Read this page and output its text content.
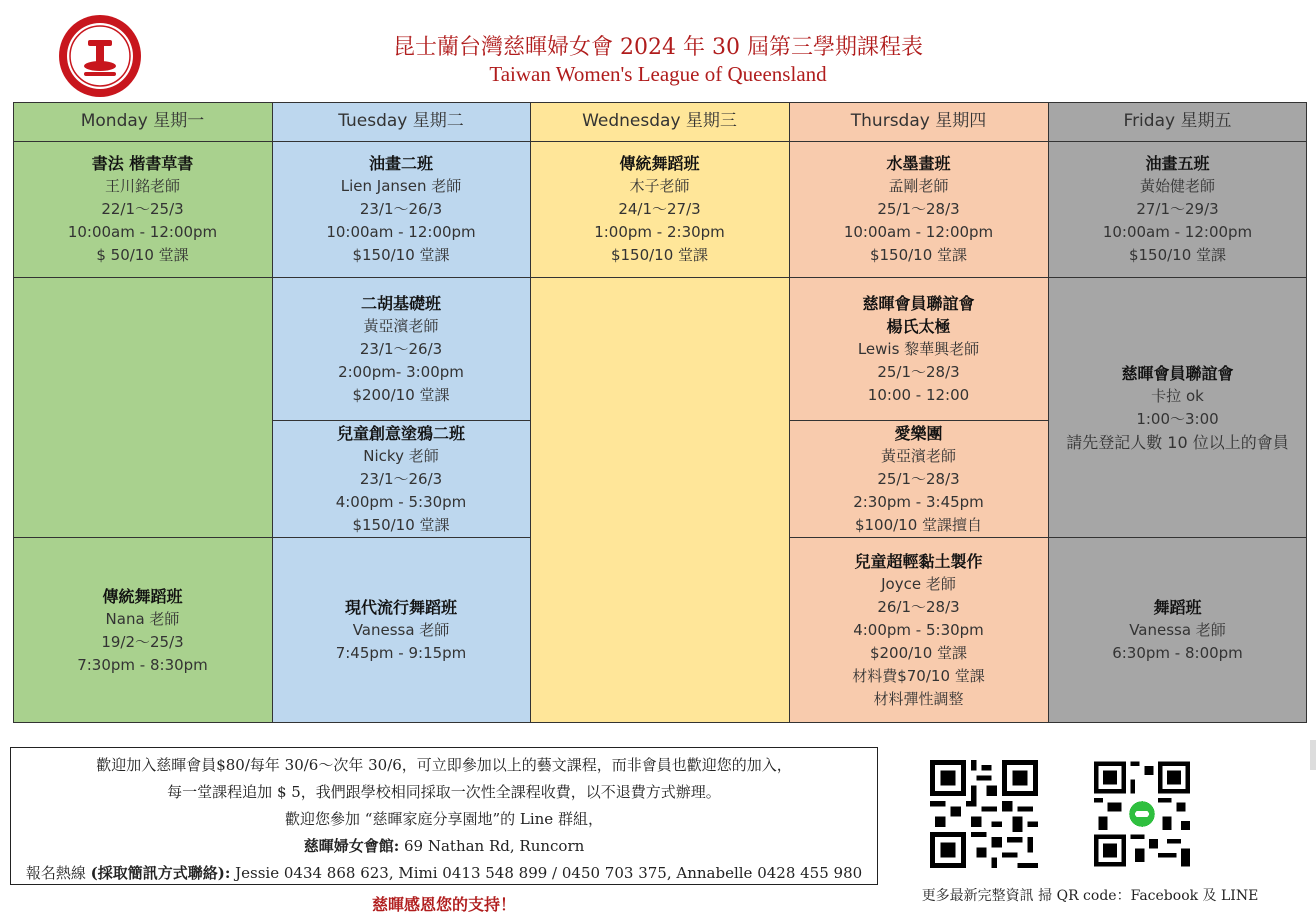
昆士蘭台灣慈暉婦女會 2024 年 30 屆第三學期課程表
Taiwan Women's League of Queensland
Monday 星期一
書法 楷書草書
王川銘老師
22/1～25/3
10:00am - 12:00pm
$ 50/10 堂課
傳統舞蹈班
Nana 老師
19/2～25/3
7:30pm - 8:30pm
Tuesday 星期二
油畫二班
Lien Jansen 老師
23/1～26/3
10:00am - 12:00pm
$150/10 堂課
二胡基礎班
黃亞濱老師
23/1～26/3
2:00pm- 3:00pm
$200/10 堂課
兒童創意塗鴉二班
Nicky 老師
23/1～26/3
4:00pm - 5:30pm
$150/10 堂課
現代流行舞蹈班
Vanessa 老師
7:45pm - 9:15pm
Wednesday 星期三
傳統舞蹈班
木子老師
24/1～27/3
1:00pm - 2:30pm
$150/10 堂課
Thursday 星期四
水墨畫班
孟剛老師
25/1～28/3
10:00am - 12:00pm
$150/10 堂課
慈暉會員聯誼會
楊氏太極
Lewis 黎華興老師
25/1～28/3
10:00 - 12:00
愛樂團
黃亞濱老師
25/1～28/3
2:30pm - 3:45pm
$100/10 堂課擅自
兒童超輕黏土製作
Joyce 老師
26/1～28/3
4:00pm - 5:30pm
$200/10 堂課
材料費$70/10 堂課
材料彈性調整
Friday 星期五
油畫五班
黃始健老師
27/1～29/3
10:00am - 12:00pm
$150/10 堂課
慈暉會員聯誼會
卡拉 ok
1:00～3:00
請先登記人數 10 位以上的會員
舞蹈班
Vanessa 老師
6:30pm - 8:00pm
歡迎加入慈暉會員$80/每年 30/6～次年 30/6，可立即參加以上的藝文課程，而非會員也歡迎您的加入，
每一堂課程追加 $ 5，我們跟學校相同採取一次性全課程收費，以不退費方式辦理。
歡迎您參加 “慈暉家庭分享園地”的 Line 群組，
慈暉婦女會館: 69 Nathan Rd, Runcorn
報名熱線 (採取簡訊方式聯絡): Jessie 0434 868 623, Mimi 0413 548 899 / 0450 703 375, Annabelle 0428 455 980
慈暉感恩您的支持！	更多最新完整資訊 掃 QR code：Facebook 及 LINE
